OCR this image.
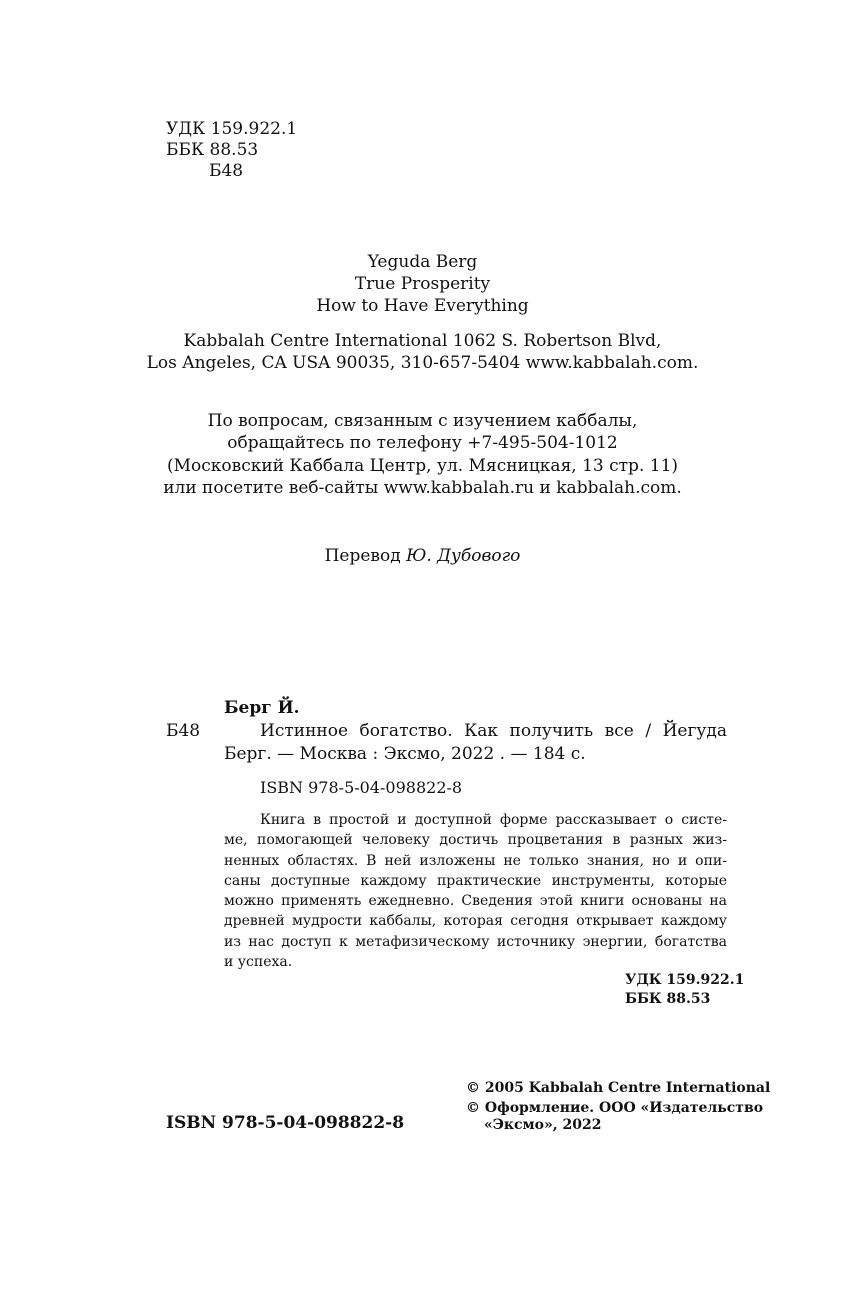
УДК 159.922.1
ББК 88.53
Б48
Yeguda Berg
True Prosperity
How to Have Everything
Kabbalah Centre International 1062 S. Robertson Blvd,
Los Angeles, CA USA 90035, 310-657-5404 www.kabbalah.com.
По вопросам, связанным с изучением каббалы,
обращайтесь по телефону +7-495-504-1012
(Московский Каббала Центр, ул. Мясницкая, 13 стр. 11)
или посетите веб-сайты www.kabbalah.ru и kabbalah.com.
Перевод Ю. Дубового
Берг Й.
Б48	Истинное богатство. Как получить все / Йегуда
Берг. — Москва : Эксмо, 2022 . — 184 с.
ISBN 978-5-04-098822-8
Книга в простой и доступной форме рассказывает о систе-
ме, помогающей человеку достичь процветания в разных жиз-
ненных областях. В ней изложены не только знания, но и опи-
саны доступные каждому практические инструменты, которые
можно применять ежедневно. Сведения этой книги основаны на
древней мудрости каббалы, которая сегодня открывает каждому
из нас доступ к метафизическому источнику энергии, богатства
и успеха.
УДК 159.922.1
ББК 88.53
© 2005 Kabbalah Centre International
© Оформление. ООО «Издательство
«Эксмо», 2022
ISBN 978-5-04-098822-8
